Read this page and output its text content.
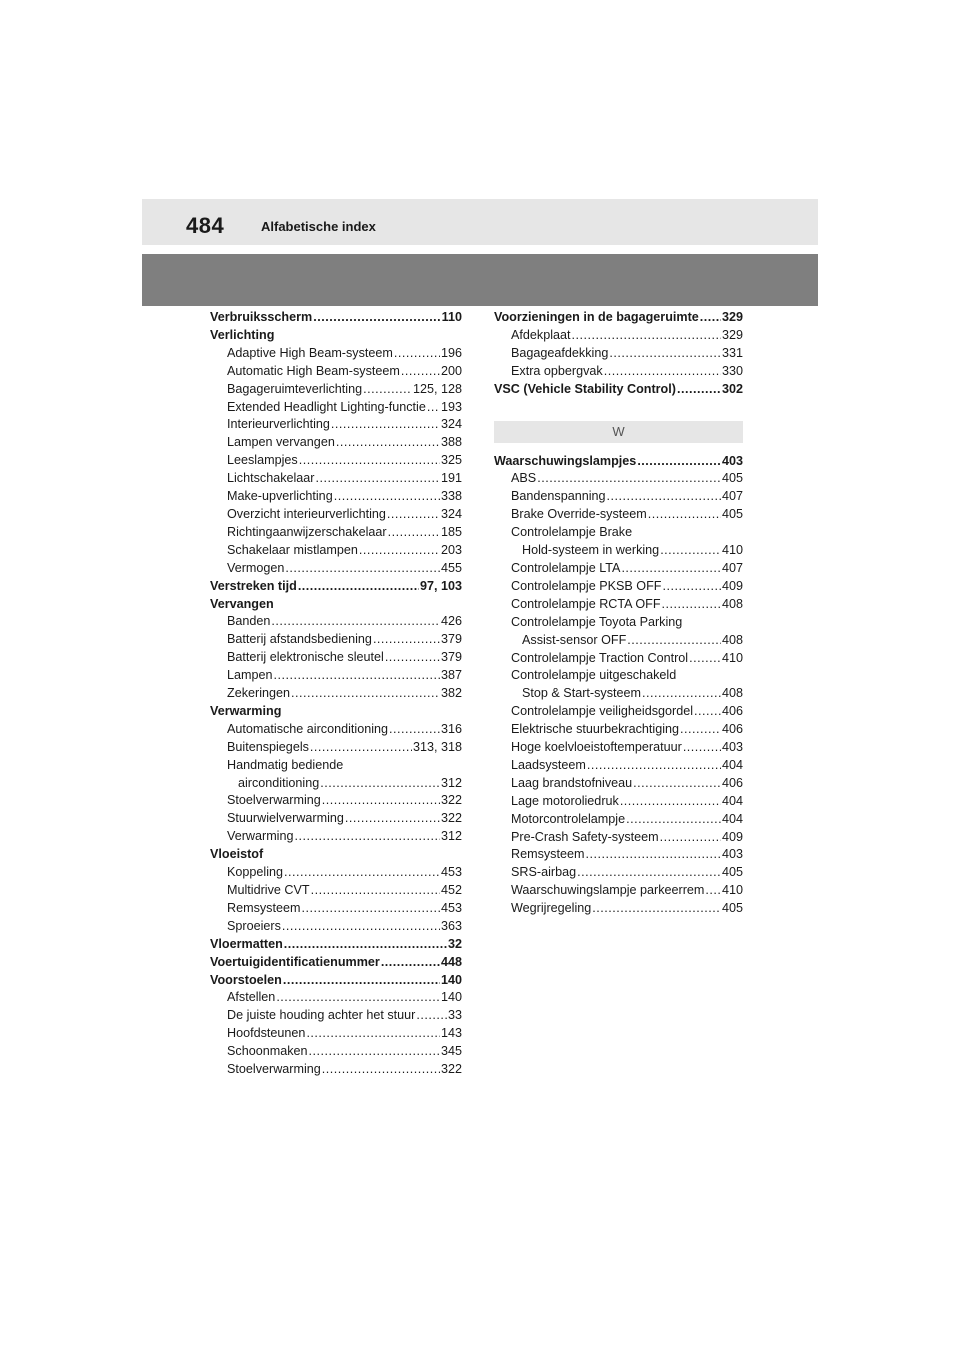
484	Alfabetische index
Verbruiksscherm .....	110
Verlichting
Adaptive High Beam-systeem .....	196
Automatic High Beam-systeem .....	200
Bagageruimteverlichting .....	125, 128
Extended Headlight Lighting-functie ..... 193
Interieurverlichting .....	324
Lampen vervangen .....	388
Leeslampjes .....	325
Lichtschakelaar .....	191
Make-upverlichting .....	338
Overzicht interieurverlichting .....	324
Richtingaanwijzerschakelaar .....	185
Schakelaar mistlampen .....	203
Vermogen .....	455
Verstreken tijd .....	97, 103
Vervangen
Banden .....	426
Batterij afstandsbediening .....	379
Batterij elektronische sleutel .....	379
Lampen .....	387
Zekeringen .....	382
Verwarming
Automatische airconditioning .....	316
Buitenspiegels .....	313, 318
Handmatig bediende
airconditioning .....	312
Stoelverwarming .....	322
Stuurwielverwarming .....	322
Verwarming .....	312
Vloeistof
Koppeling .....	453
Multidrive CVT .....	452
Remsysteem .....	453
Sproeiers .....	363
Vloermatten .....	32
Voertuigidentificatienummer .....	448
Voorstoelen .....	140
Afstellen .....	140
De juiste houding achter het stuur .....	33
Hoofdsteunen .....	143
Schoonmaken .....	345
Stoelverwarming .....	322
Voorzieningen in de bagageruimte ..... 329
Afdekplaat .....	329
Bagageafdekking .....	331
Extra opbergvak .....	330
VSC (Vehicle Stability Control) .....	302
W
Waarschuwingslampjes .....	403
ABS .....	405
Bandenspanning .....	407
Brake Override-systeem .....	405
Controlelampje Brake
Hold-systeem in werking .....	410
Controlelampje LTA .....	407
Controlelampje PKSB OFF .....	409
Controlelampje RCTA OFF .....	408
Controlelampje Toyota Parking
Assist-sensor OFF .....	408
Controlelampje Traction Control .....	410
Controlelampje uitgeschakeld
Stop & Start-systeem .....	408
Controlelampje veiligheidsgordel ..... 406
Elektrische stuurbekrachtiging .....	406
Hoge koelvloeistoftemperatuur .....	403
Laadsysteem .....	404
Laag brandstofniveau .....	406
Lage motoroliedruk .....	404
Motorcontrolelampje .....	404
Pre-Crash Safety-systeem .....	409
Remsysteem .....	403
SRS-airbag .....	405
Waarschuwingslampje parkeerrem ..... 410
Wegrijregeling .....	405
